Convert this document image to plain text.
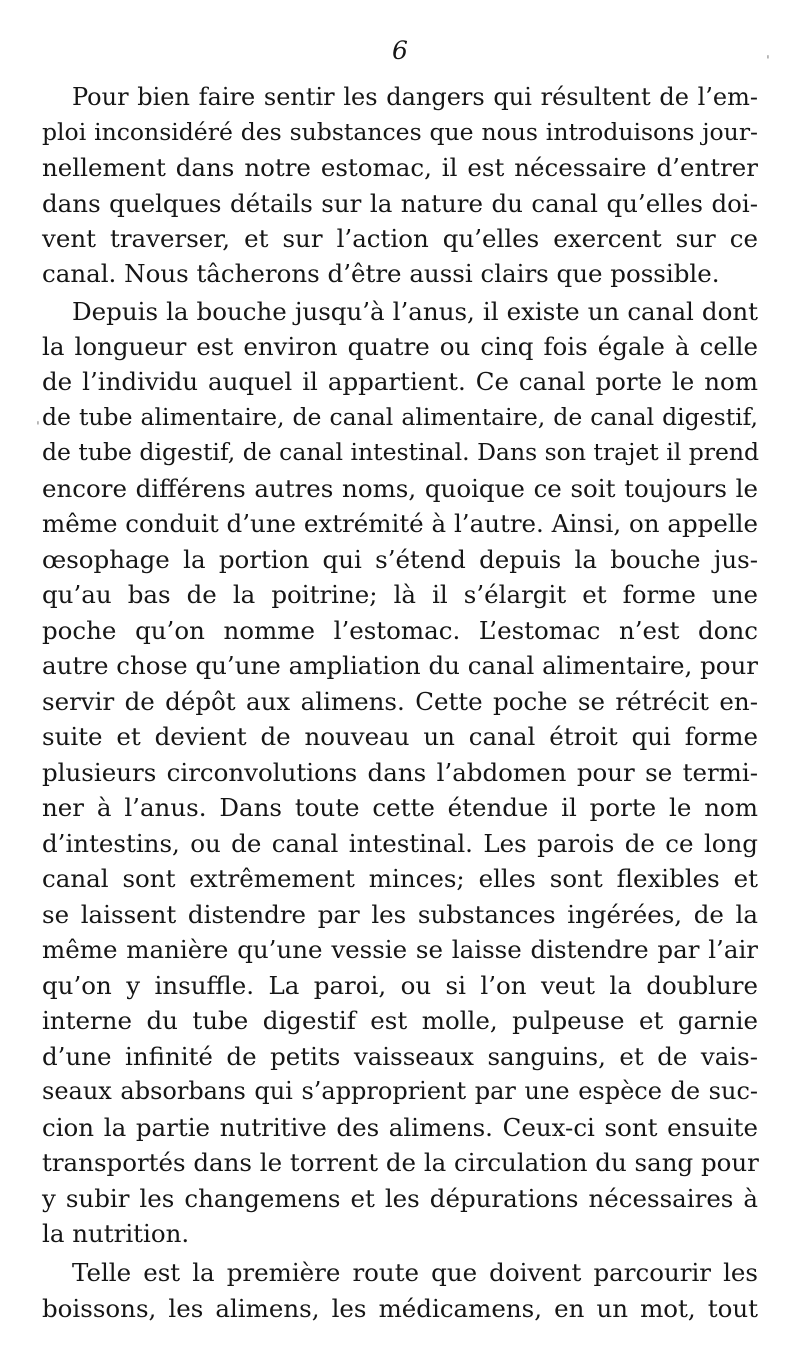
6
Pour bien faire sentir les dangers qui résultent de l’em-
ploi inconsidéré des substances que nous introduisons jour-
nellement dans notre estomac, il est nécessaire d’entrer
dans quelques détails sur la nature du canal qu’elles doi-
vent traverser, et sur l’action qu’elles exercent sur ce
canal. Nous tâcherons d’être aussi clairs que possible.
Depuis la bouche jusqu’à l’anus, il existe un canal dont
la longueur est environ quatre ou cinq fois égale à celle
de l’individu auquel il appartient. Ce canal porte le nom
de tube alimentaire, de canal alimentaire, de canal digestif,
de tube digestif, de canal intestinal. Dans son trajet il prend
encore différens autres noms, quoique ce soit toujours le
même conduit d’une extrémité à l’autre. Ainsi, on appelle
œsophage la portion qui s’étend depuis la bouche jus-
qu’au bas de la poitrine; là il s’élargit et forme une
poche qu’on nomme l’estomac. L’estomac n’est donc
autre chose qu’une ampliation du canal alimentaire, pour
servir de dépôt aux alimens. Cette poche se rétrécit en-
suite et devient de nouveau un canal étroit qui forme
plusieurs circonvolutions dans l’abdomen pour se termi-
ner à l’anus. Dans toute cette étendue il porte le nom
d’intestins, ou de canal intestinal. Les parois de ce long
canal sont extrêmement minces; elles sont flexibles et
se laissent distendre par les substances ingérées, de la
même manière qu’une vessie se laisse distendre par l’air
qu’on y insuffle. La paroi, ou si l’on veut la doublure
interne du tube digestif est molle, pulpeuse et garnie
d’une infinité de petits vaisseaux sanguins, et de vais-
seaux absorbans qui s’approprient par une espèce de suc-
cion la partie nutritive des alimens. Ceux-ci sont ensuite
transportés dans le torrent de la circulation du sang pour
y subir les changemens et les dépurations nécessaires à
la nutrition.
Telle est la première route que doivent parcourir les
boissons, les alimens, les médicamens, en un mot, tout
ˌ
ˌ
